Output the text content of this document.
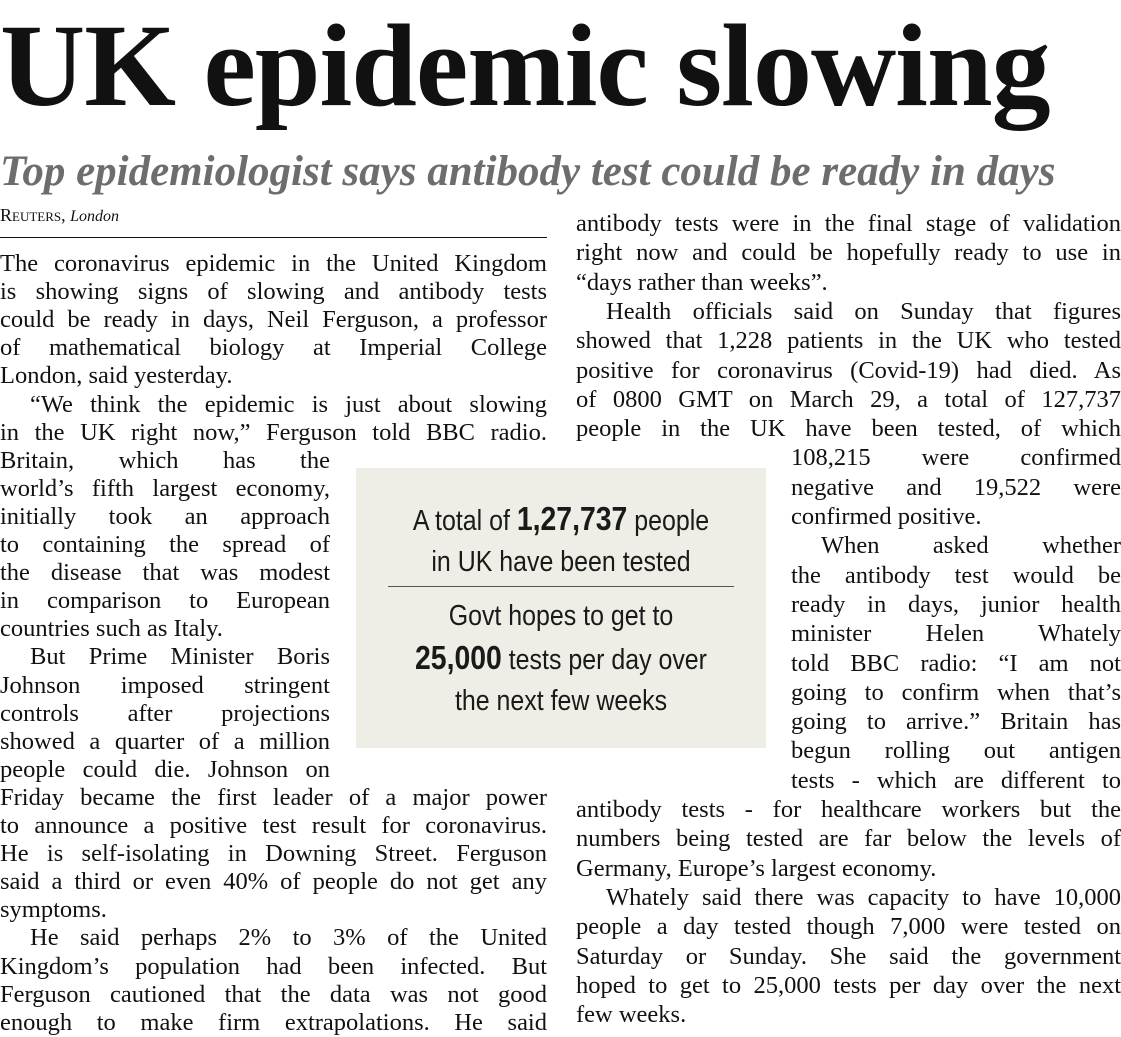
UK epidemic slowing
Top epidemiologist says antibody test could be ready in days
Reuters, London
The coronavirus epidemic in the United Kingdom
is showing signs of slowing and antibody tests
could be ready in days, Neil Ferguson, a professor
of mathematical biology at Imperial College
London, said yesterday.
“We think the epidemic is just about slowing
in the UK right now,” Ferguson told BBC radio.
Britain, which has the
world’s fifth largest economy,
initially took an approach
to containing the spread of
the disease that was modest
in comparison to European
countries such as Italy.
But Prime Minister Boris
Johnson imposed stringent
controls after projections
showed a quarter of a million
people could die. Johnson on
Friday became the first leader of a major power
to announce a positive test result for coronavirus.
He is self-isolating in Downing Street. Ferguson
said a third or even 40% of people do not get any
symptoms.
He said perhaps 2% to 3% of the United
Kingdom’s population had been infected. But
Ferguson cautioned that the data was not good
enough to make firm extrapolations. He said
antibody tests were in the final stage of validation
right now and could be hopefully ready to use in
“days rather than weeks”.
Health officials said on Sunday that figures
showed that 1,228 patients in the UK who tested
positive for coronavirus (Covid-19) had died. As
of 0800 GMT on March 29, a total of 127,737
people in the UK have been tested, of which
108,215 were confirmed
negative and 19,522 were
confirmed positive.
When asked whether
the antibody test would be
ready in days, junior health
minister Helen Whately
told BBC radio: “I am not
going to confirm when that’s
going to arrive.” Britain has
begun rolling out antigen
tests - which are different to
antibody tests - for healthcare workers but the
numbers being tested are far below the levels of
Germany, Europe’s largest economy.
Whately said there was capacity to have 10,000
people a day tested though 7,000 were tested on
Saturday or Sunday. She said the government
hoped to get to 25,000 tests per day over the next
few weeks.
A total of 1,27,737 people in UK have been tested
Govt hopes to get to 25,000 tests per day over the next few weeks
